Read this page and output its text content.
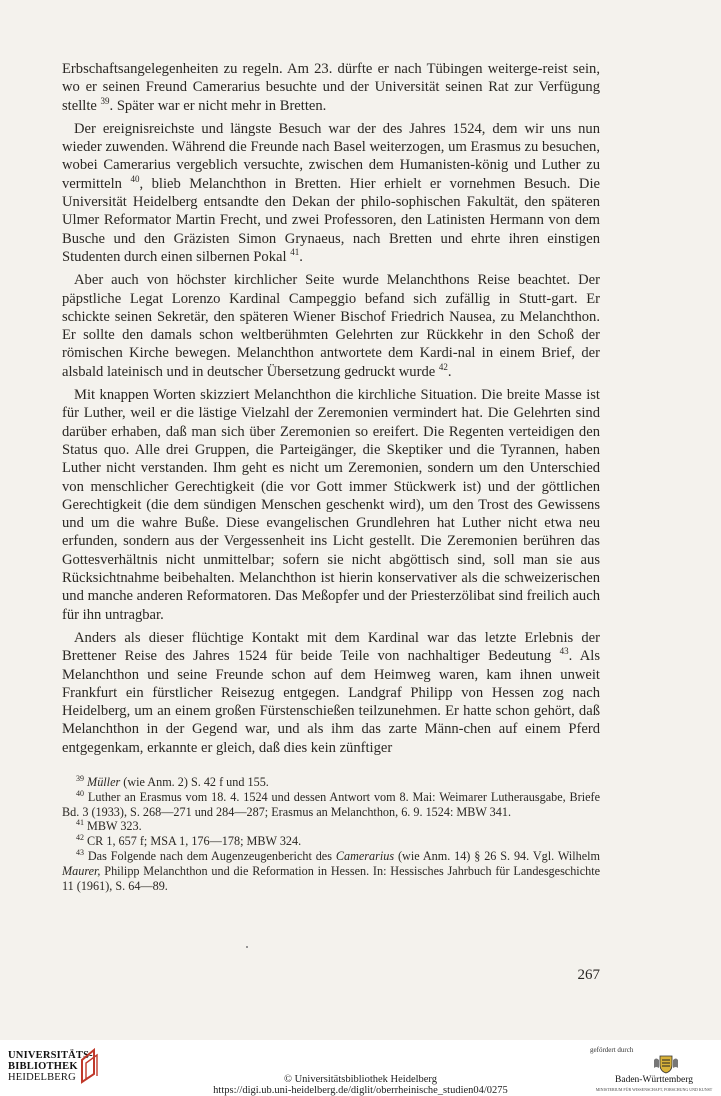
Erbschaftsangelegenheiten zu regeln. Am 23. dürfte er nach Tübingen weiterge-reist sein, wo er seinen Freund Camerarius besuchte und der Universität seinen Rat zur Verfügung stellte $^{39}$. Später war er nicht mehr in Bretten.

Der ereignisreichste und längste Besuch war der des Jahres 1524, dem wir uns nun wieder zuwenden. Während die Freunde nach Basel weiterzogen, um Erasmus zu besuchen, wobei Camerarius vergeblich versuchte, zwischen dem Humanisten-könig und Luther zu vermitteln $^{40}$, blieb Melanchthon in Bretten. Hier erhielt er vornehmen Besuch. Die Universität Heidelberg entsandte den Dekan der philo-sophischen Fakultät, den späteren Ulmer Reformator Martin Frecht, und zwei Professoren, den Latinisten Hermann von dem Busche und den Gräzisten Simon Grynaeus, nach Bretten und ehrte ihren einstigen Studenten durch einen silbernen Pokal $^{41}$.

Aber auch von höchster kirchlicher Seite wurde Melanchthons Reise beachtet. Der päpstliche Legat Lorenzo Kardinal Campeggio befand sich zufällig in Stutt-gart. Er schickte seinen Sekretär, den späteren Wiener Bischof Friedrich Nausea, zu Melanchthon. Er sollte den damals schon weltberühmten Gelehrten zur Rückkehr in den Schoß der römischen Kirche bewegen. Melanchthon antwortete dem Kardi-nal in einem Brief, der alsbald lateinisch und in deutscher Übersetzung gedruckt wurde $^{42}$.

Mit knappen Worten skizziert Melanchthon die kirchliche Situation. Die breite Masse ist für Luther, weil er die lästige Vielzahl der Zeremonien vermindert hat. Die Gelehrten sind darüber erhaben, daß man sich über Zeremonien so ereifert. Die Regenten verteidigen den Status quo. Alle drei Gruppen, die Parteigänger, die Skeptiker und die Tyrannen, haben Luther nicht verstanden. Ihm geht es nicht um Zeremonien, sondern um den Unterschied von menschlicher Gerechtigkeit (die vor Gott immer Stückwerk ist) und der göttlichen Gerechtigkeit (die dem sündigen Menschen geschenkt wird), um den Trost des Gewissens und um die wahre Buße. Diese evangelischen Grundlehren hat Luther nicht etwa neu erfunden, sondern aus der Vergessenheit ins Licht gestellt. Die Zeremonien berühren das Gottesverhältnis nicht unmittelbar; sofern sie nicht abgöttisch sind, soll man sie aus Rücksichtnahme beibehalten. Melanchthon ist hierin konservativer als die schweizerischen und manche anderen Reformatoren. Das Meßopfer und der Priesterzölibat sind freilich auch für ihn untragbar.

Anders als dieser flüchtige Kontakt mit dem Kardinal war das letzte Erlebnis der Brettener Reise des Jahres 1524 für beide Teile von nachhaltiger Bedeutung $^{43}$. Als Melanchthon und seine Freunde schon auf dem Heimweg waren, kam ihnen unweit Frankfurt ein fürstlicher Reisezug entgegen. Landgraf Philipp von Hessen zog nach Heidelberg, um an einem großen Fürstenschießen teilzunehmen. Er hatte schon gehört, daß Melanchthon in der Gegend war, und als ihm das zarte Männ-chen auf einem Pferd entgegenkam, erkannte er gleich, daß dies kein zünftiger

$^{39}$ Müller (wie Anm. 2) S. 42 f und 155.

$^{40}$ Luther an Erasmus vom 18. 4. 1524 und dessen Antwort vom 8. Mai: Weimarer Lutherausgabe, Briefe Bd. 3 (1933), S. 268—271 und 284—287; Erasmus an Melanchthon, 6. 9. 1524: MBW 341.

$^{41}$ MBW 323.

$^{42}$ CR 1, 657 f; MSA 1, 176—178; MBW 324.

$^{43}$ Das Folgende nach dem Augenzeugenbericht des Camerarius (wie Anm. 14) § 26 S. 94. Vgl. Wilhelm Maurer, Philipp Melanchthon und die Reformation in Hessen. In: Hessisches Jahrbuch für Landesgeschichte 11 (1961), S. 64—89.

267
UNIVERSITÄTS-
BIBLIOTHEK
HEIDELBERG	© Universitätsbibliothek Heidelberg
https://digi.ub.uni-heidelberg.de/diglit/oberrheinische_studien04/0275
gefördert durch
Baden-Württemberg
MINISTERIUM FÜR WISSENSCHAFT, FORSCHUNG UND KUNST
